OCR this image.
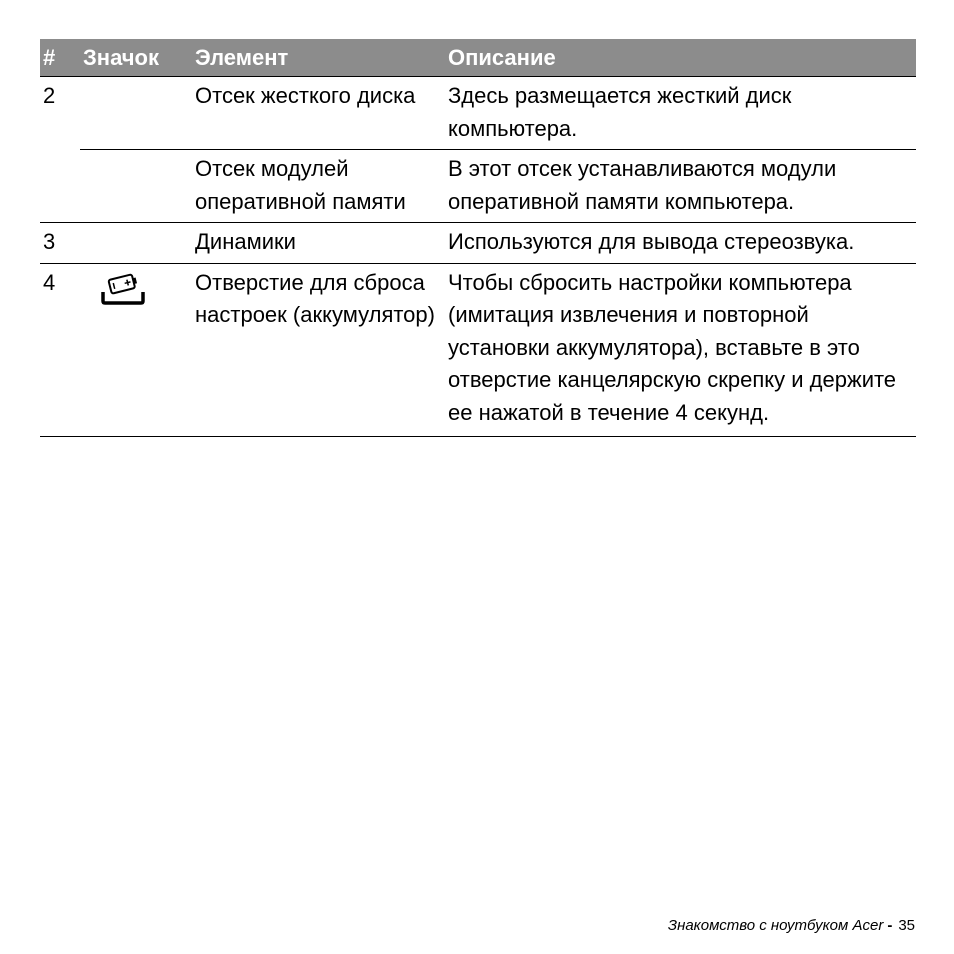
#	Значок	Элемент	Описание
2		Отсек жесткого диска	Здесь размещается жесткий диск компьютера.
		Отсек модулей оперативной памяти	В этот отсек устанавливаются модули оперативной памяти компьютера.
3		Динамики	Используются для вывода стереозвука.
4		Отверстие для сброса настроек (аккумулятор)	Чтобы сбросить настройки компьютера (имитация извлечения и повторной установки аккумулятора), вставьте в это отверстие канцелярскую скрепку и держите ее нажатой в течение 4 секунд.
Знакомство с ноутбуком Acer - 35
